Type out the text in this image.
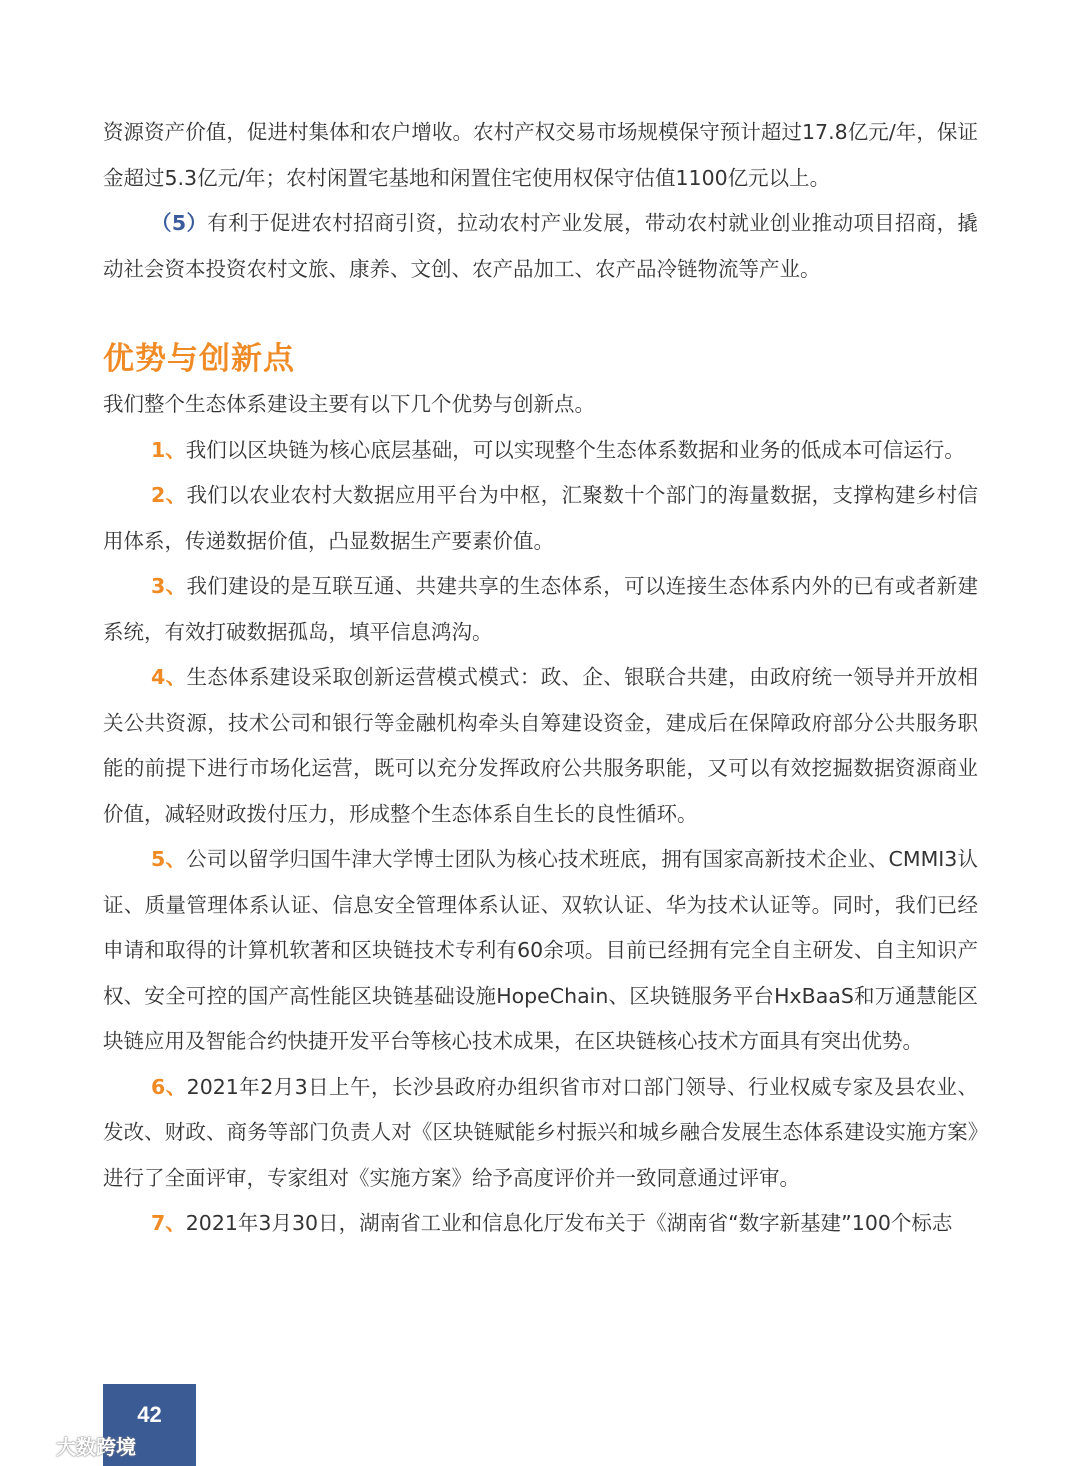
资源资产价值，促进村集体和农户增收。农村产权交易市场规模保守预计超过17.8亿元/年，保证金超过5.3亿元/年；农村闲置宅基地和闲置住宅使用权保守估值1100亿元以上。

（5）有利于促进农村招商引资，拉动农村产业发展，带动农村就业创业推动项目招商，撬动社会资本投资农村文旅、康养、文创、农产品加工、农产品冷链物流等产业。

优势与创新点

我们整个生态体系建设主要有以下几个优势与创新点。

1、我们以区块链为核心底层基础，可以实现整个生态体系数据和业务的低成本可信运行。

2、我们以农业农村大数据应用平台为中枢，汇聚数十个部门的海量数据，支撑构建乡村信用体系，传递数据价值，凸显数据生产要素价值。

3、我们建设的是互联互通、共建共享的生态体系，可以连接生态体系内外的已有或者新建系统，有效打破数据孤岛，填平信息鸿沟。

4、生态体系建设采取创新运营模式模式：政、企、银联合共建，由政府统一领导并开放相关公共资源，技术公司和银行等金融机构牵头自筹建设资金，建成后在保障政府部分公共服务职能的前提下进行市场化运营，既可以充分发挥政府公共服务职能，又可以有效挖掘数据资源商业价值，减轻财政拨付压力，形成整个生态体系自生长的良性循环。

5、公司以留学归国牛津大学博士团队为核心技术班底，拥有国家高新技术企业、CMMI3认证、质量管理体系认证、信息安全管理体系认证、双软认证、华为技术认证等。同时，我们已经申请和取得的计算机软著和区块链技术专利有60余项。目前已经拥有完全自主研发、自主知识产权、安全可控的国产高性能区块链基础设施HopeChain、区块链服务平台HxBaaS和万通慧能区块链应用及智能合约快捷开发平台等核心技术成果，在区块链核心技术方面具有突出优势。

6、2021年2月3日上午，长沙县政府办组织省市对口部门领导、行业权威专家及县农业、发改、财政、商务等部门负责人对《区块链赋能乡村振兴和城乡融合发展生态体系建设实施方案》进行了全面评审，专家组对《实施方案》给予高度评价并一致同意通过评审。

7、2021年3月30日，湖南省工业和信息化厅发布关于《湖南省“数字新基建”100个标志

42
大数跨境
